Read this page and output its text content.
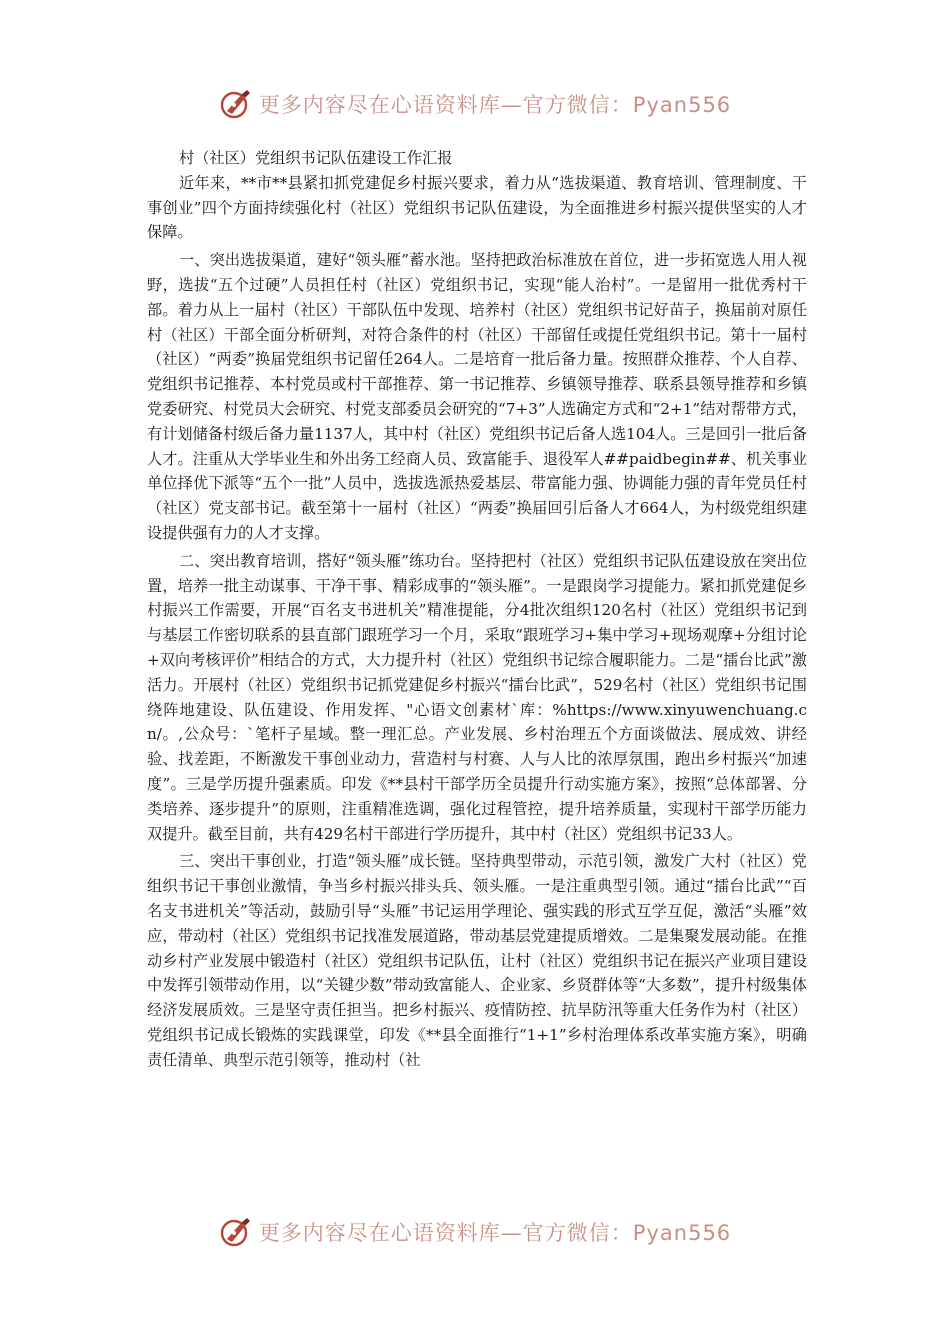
更多内容尽在心语资料库—官方微信：Pyan556
村（社区）党组织书记队伍建设工作汇报

近年来，**市**县紧扣抓党建促乡村振兴要求，着力从“选拔渠道、教育培训、管理制度、干事创业”四个方面持续强化村（社区）党组织书记队伍建设，为全面推进乡村振兴提供坚实的人才保障。

一、突出选拔渠道，建好“领头雁”蓄水池。坚持把政治标准放在首位，进一步拓宽选人用人视野，选拔“五个过硬”人员担任村（社区）党组织书记，实现“能人治村”。一是留用一批优秀村干部。着力从上一届村（社区）干部队伍中发现、培养村（社区）党组织书记好苗子，换届前对原任村（社区）干部全面分析研判，对符合条件的村（社区）干部留任或提任党组织书记。第十一届村（社区）“两委”换届党组织书记留任264人。二是培育一批后备力量。按照群众推荐、个人自荐、党组织书记推荐、本村党员或村干部推荐、第一书记推荐、乡镇领导推荐、联系县领导推荐和乡镇党委研究、村党员大会研究、村党支部委员会研究的“7+3”人选确定方式和“2+1”结对帮带方式，有计划储备村级后备力量1137人，其中村（社区）党组织书记后备人选104人。三是回引一批后备人才。注重从大学毕业生和外出务工经商人员、致富能手、退役军人##paidbegin##、机关事业单位择优下派等“五个一批”人员中，选拔选派热爱基层、带富能力强、协调能力强的青年党员任村（社区）党支部书记。截至第十一届村（社区）“两委”换届回引后备人才664人，为村级党组织建设提供强有力的人才支撑。

二、突出教育培训，搭好“领头雁”练功台。坚持把村（社区）党组织书记队伍建设放在突出位置，培养一批主动谋事、干净干事、精彩成事的“领头雁”。一是跟岗学习提能力。紧扣抓党建促乡村振兴工作需要，开展“百名支书进机关”精准提能，分4批次组织120名村（社区）党组织书记到与基层工作密切联系的县直部门跟班学习一个月，采取“跟班学习+集中学习+现场观摩+分组讨论+双向考核评价”相结合的方式，大力提升村（社区）党组织书记综合履职能力。二是“擂台比武”激活力。开展村（社区）党组织书记抓党建促乡村振兴“擂台比武”，529名村（社区）党组织书记围绕阵地建设、队伍建设、作用发挥、"心语文创素材`库：%https://www.xinyuwenchuang.cn/。,公众号：`笔杆子星域。整一理汇总。产业发展、乡村治理五个方面谈做法、展成效、讲经验、找差距，不断激发干事创业动力，营造村与村赛、人与人比的浓厚氛围，跑出乡村振兴“加速度”。三是学历提升强素质。印发《**县村干部学历全员提升行动实施方案》，按照“总体部署、分类培养、逐步提升”的原则，注重精准选调，强化过程管控，提升培养质量，实现村干部学历能力双提升。截至目前，共有429名村干部进行学历提升，其中村（社区）党组织书记33人。

三、突出干事创业，打造“领头雁”成长链。坚持典型带动，示范引领，激发广大村（社区）党组织书记干事创业激情，争当乡村振兴排头兵、领头雁。一是注重典型引领。通过“擂台比武”“百名支书进机关”等活动，鼓励引导“头雁”书记运用学理论、强实践的形式互学互促，激活“头雁”效应，带动村（社区）党组织书记找准发展道路，带动基层党建提质增效。二是集聚发展动能。在推动乡村产业发展中锻造村（社区）党组织书记队伍，让村（社区）党组织书记在振兴产业项目建设中发挥引领带动作用，以“关键少数”带动致富能人、企业家、乡贤群体等“大多数”，提升村级集体经济发展质效。三是坚守责任担当。把乡村振兴、疫情防控、抗旱防汛等重大任务作为村（社区）党组织书记成长锻炼的实践课堂，印发《**县全面推行“1+1”乡村治理体系改革实施方案》，明确责任清单、典型示范引领等，推动村（社

更多内容尽在心语资料库—官方微信：Pyan556
